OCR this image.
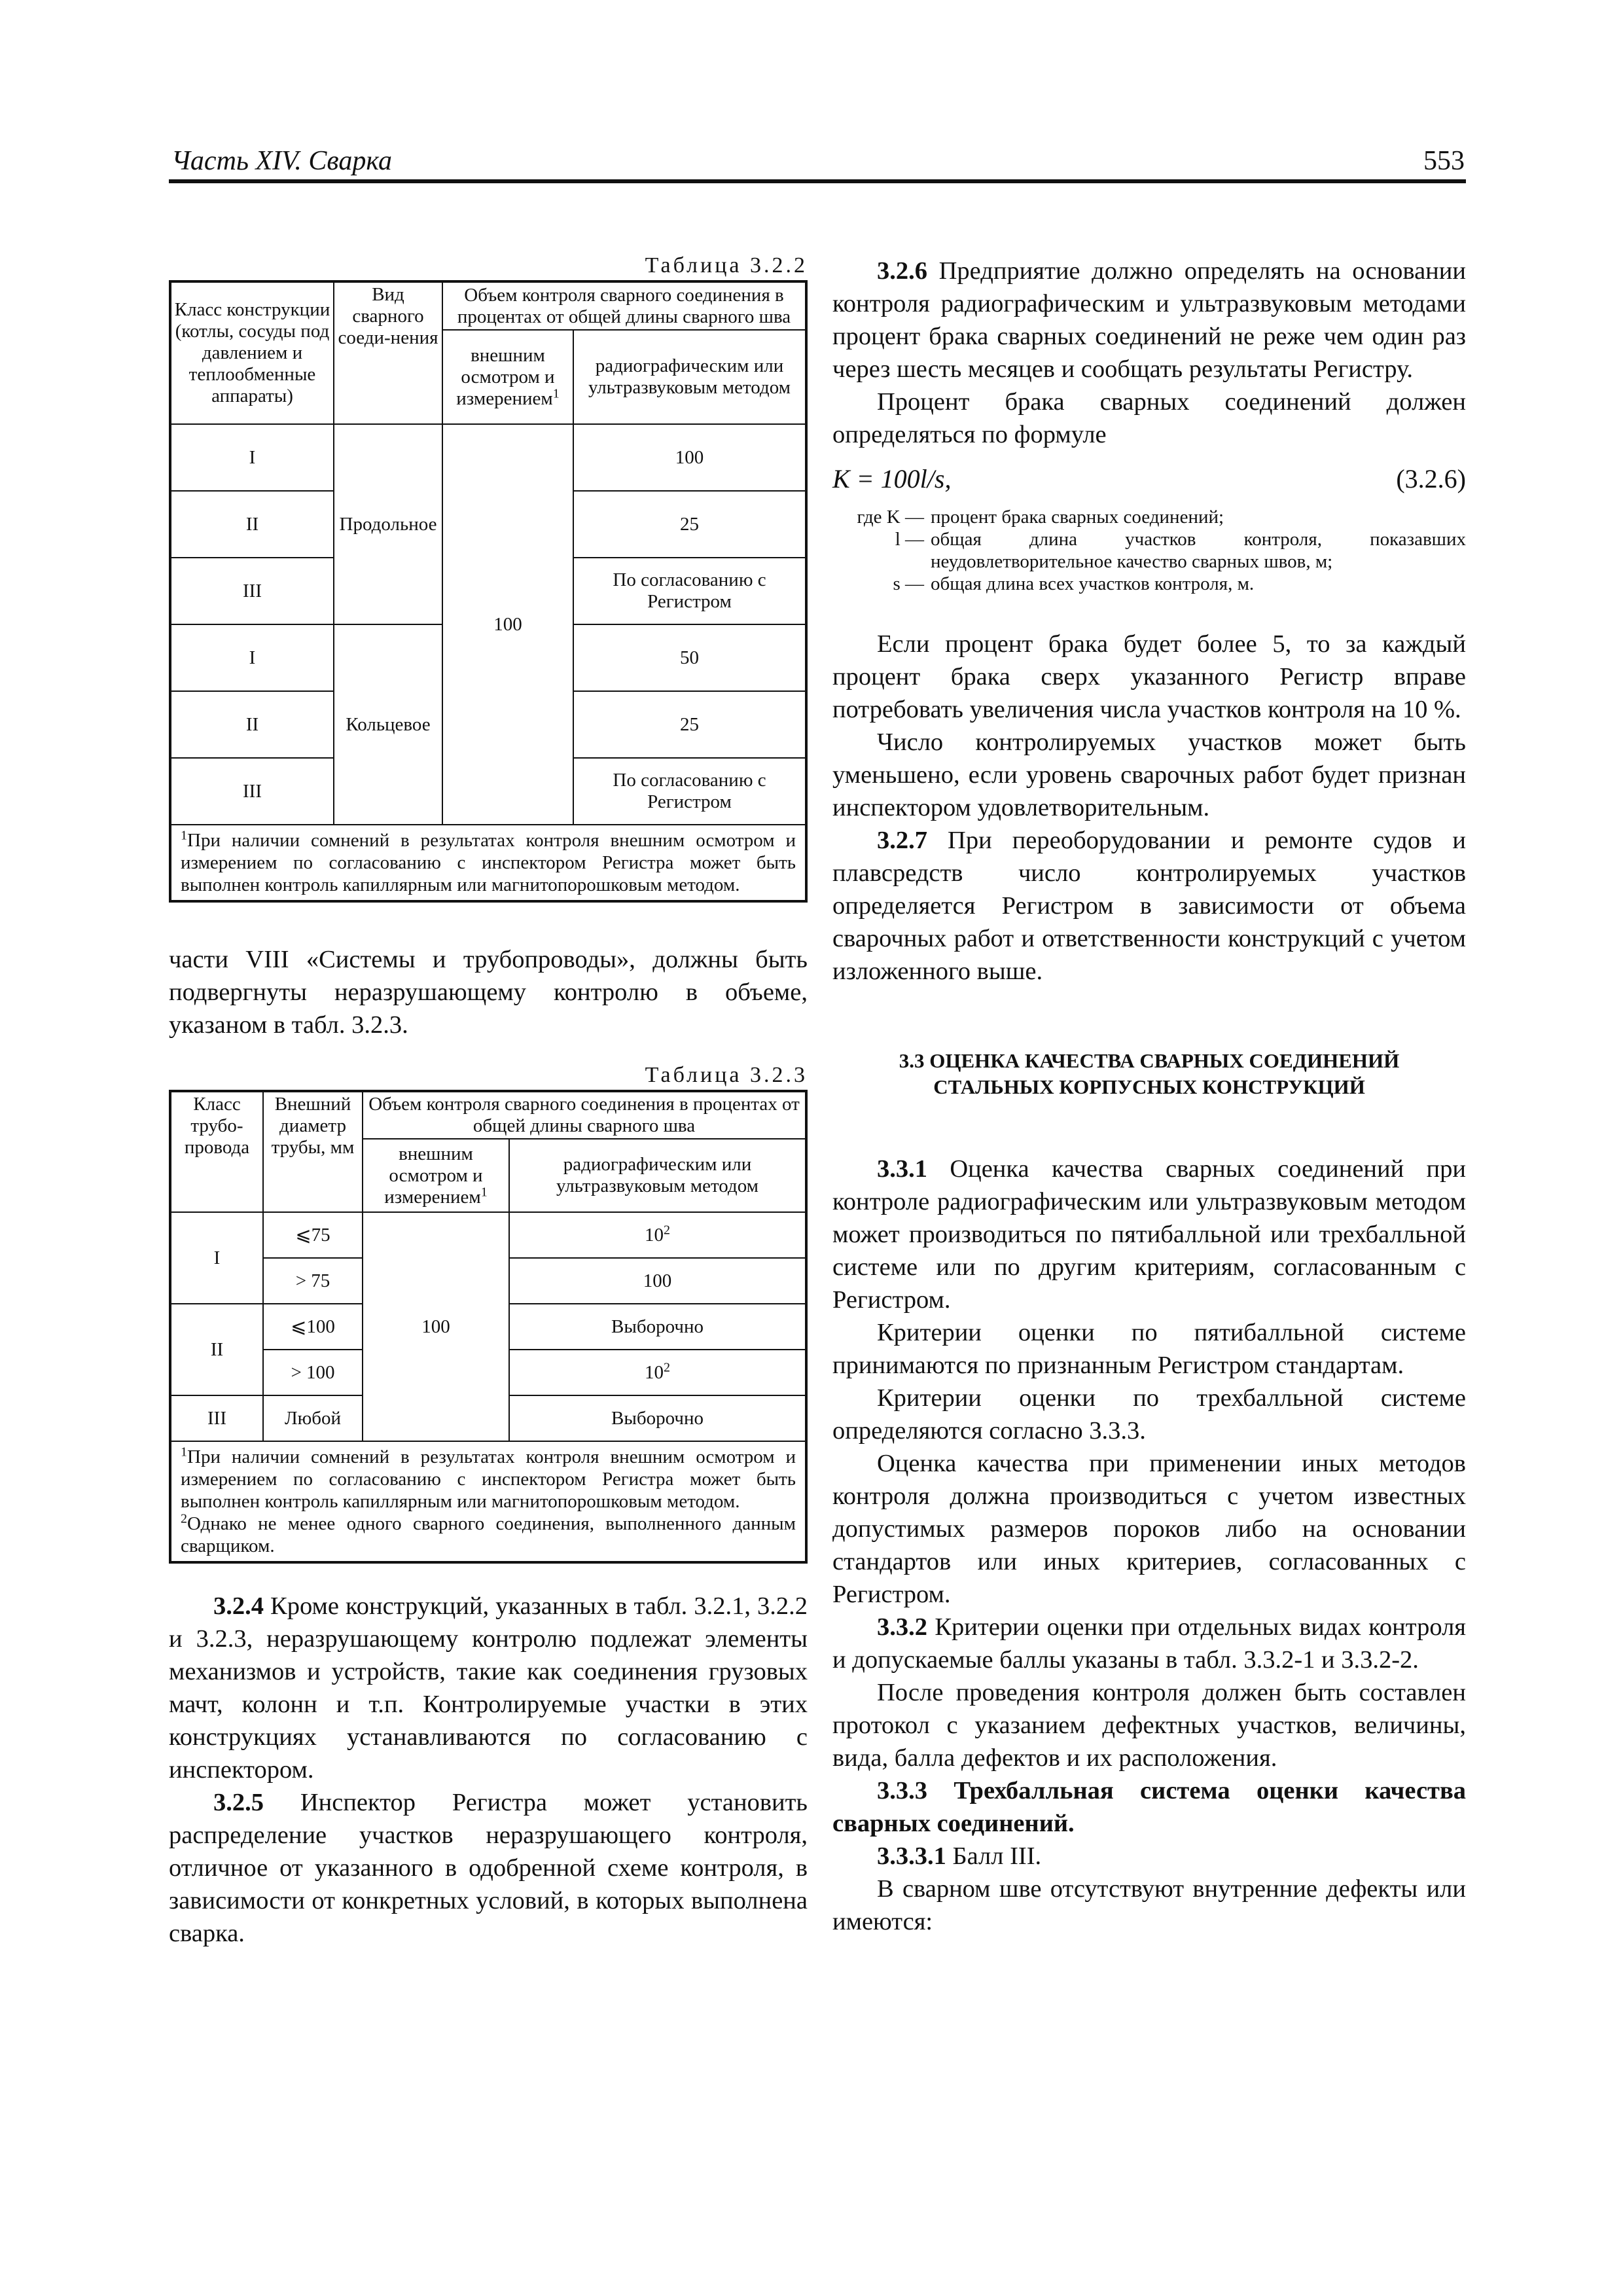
Часть XIV. Сварка	553
Таблица 3.2.2
Класс конструкции (котлы, сосуды под давлением и теплообменные аппараты)	Вид сварного соеди-нения	Объем контроля сварного соединения в процентах от общей длины сварного шва	
		внешним осмотром и измерением$^1$	радиографическим или ультразвуковым методом
I	Продольное	100	100
II			25
III			По согласованию с Регистром
I	Кольцевое		50
II			25
III			По согласованию с Регистром
$^1$При наличии сомнений в результатах контроля внешним осмотром и измерением по согласованию с инспектором Регистра может быть выполнен контроль капиллярным или магнитопорошковым методом.			

части VIII «Системы и трубопроводы», должны быть подвергнуты неразрушающему контролю в объеме, указаном в табл. 3.2.3.

Таблица 3.2.3
Класс трубо-провода	Внешний диаметр трубы, мм	Объем контроля сварного соединения в процентах от общей длины сварного шва	
		внешним осмотром и измерением$^1$	радиографическим или ультразвуковым методом
I	⩽75	100	$10^2$
	> 75		100
II	⩽100		Выборочно
	> 100		$10^2$
III	Любой		Выборочно

$^1$При наличии сомнений в результатах контроля внешним осмотром и измерением по согласованию с инспектором Регистра может быть выполнен контроль капиллярным или магнитопорошковым методом.
$^2$Однако не менее одного сварного соединения, выполненного данным сварщиком.			

3.2.4 Кроме конструкций, указанных в табл. 3.2.1, 3.2.2 и 3.2.3, неразрушающему контролю подлежат элементы механизмов и устройств, такие как соединения грузовых мачт, колонн и т.п. Контролируемые участки в этих конструкциях устанавливаются по согласованию с инспектором.

3.2.5 Инспектор Регистра может установить распределение участков неразрушающего контроля, отличное от указанного в одобренной схеме контроля, в зависимости от конкретных условий, в которых выполнена сварка.

3.2.6 Предприятие должно определять на основании контроля радиографическим и ультразвуковым методами процент брака сварных соединений не реже чем один раз через шесть месяцев и сообщать результаты Регистру.

Процент брака сварных соединений должен определяться по формуле

K = 100l/s,	(3.2.6)
где K — процент брака сварных соединений;
l — общая длина участков контроля, показавших неудовлетворительное качество сварных швов, м;
s — общая длина всех участков контроля, м.

Если процент брака будет более 5, то за каждый процент брака сверх указанного Регистр вправе потребовать увеличения числа участков контроля на 10 %.

Число контролируемых участков может быть уменьшено, если уровень сварочных работ будет признан инспектором удовлетворительным.

3.2.7 При переоборудовании и ремонте судов и плавсредств число контролируемых участков определяется Регистром в зависимости от объема сварочных работ и ответственности конструкций с учетом изложенного выше.

3.3 ОЦЕНКА КАЧЕСТВА СВАРНЫХ СОЕДИНЕНИЙ
СТАЛЬНЫХ КОРПУСНЫХ КОНСТРУКЦИЙ

3.3.1 Оценка качества сварных соединений при контроле радиографическим или ультразвуковым методом может производиться по пятибалльной или трехбалльной системе или по другим критериям, согласованным с Регистром.

Критерии оценки по пятибалльной системе принимаются по признанным Регистром стандартам.

Критерии оценки по трехбалльной системе определяются согласно 3.3.3.

Оценка качества при применении иных методов контроля должна производиться с учетом известных допустимых размеров пороков либо на основании стандартов или иных критериев, согласованных с Регистром.

3.3.2 Критерии оценки при отдельных видах контроля и допускаемые баллы указаны в табл. 3.3.2-1 и 3.3.2-2.

После проведения контроля должен быть составлен протокол с указанием дефектных участков, величины, вида, балла дефектов и их расположения.

3.3.3 Трехбалльная система оценки качества сварных соединений.

3.3.3.1 Балл III.

В сварном шве отсутствуют внутренние дефекты или имеются:
